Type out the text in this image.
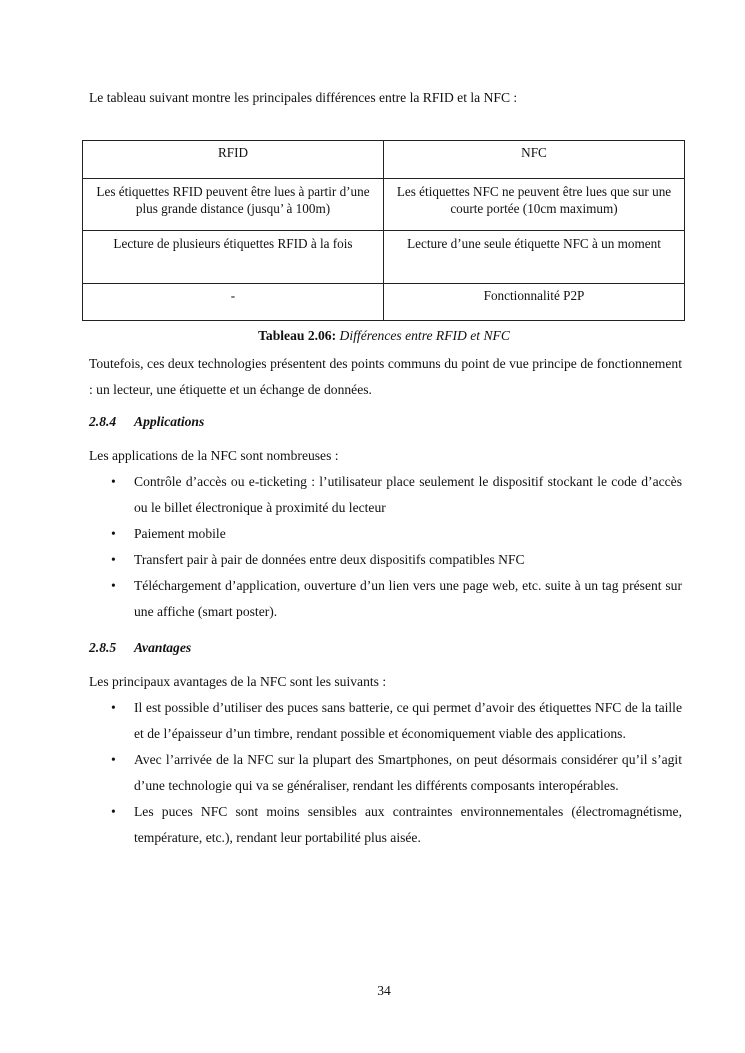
Le tableau suivant montre les principales différences entre la RFID et la NFC :

RFID	NFC
Les étiquettes RFID peuvent être lues à partir d’une plus grande distance (jusqu’ à 100m)	Les étiquettes NFC ne peuvent être lues que sur une courte portée (10cm maximum)
Lecture de plusieurs étiquettes RFID à la fois	Lecture d’une seule étiquette NFC à un moment
-	Fonctionnalité P2P

Tableau 2.06: Différences entre RFID et NFC

Toutefois, ces deux technologies présentent des points communs du point de vue principe de fonctionnement : un lecteur, une étiquette et un échange de données.

2.8.4 Applications

Les applications de la NFC sont nombreuses :

• Contrôle d’accès ou e-ticketing : l’utilisateur place seulement le dispositif stockant le code d’accès ou le billet électronique à proximité du lecteur
• Paiement mobile
• Transfert pair à pair de données entre deux dispositifs compatibles NFC
• Téléchargement d’application, ouverture d’un lien vers une page web, etc. suite à un tag présent sur une affiche (smart poster).
2.8.5 Avantages

Les principaux avantages de la NFC sont les suivants :

• Il est possible d’utiliser des puces sans batterie, ce qui permet d’avoir des étiquettes NFC de la taille et de l’épaisseur d’un timbre, rendant possible et économiquement viable des applications.
• Avec l’arrivée de la NFC sur la plupart des Smartphones, on peut désormais considérer qu’il s’agit d’une technologie qui va se généraliser, rendant les différents composants interopérables.
• Les puces NFC sont moins sensibles aux contraintes environnementales (électromagnétisme, température, etc.), rendant leur portabilité plus aisée.

34
